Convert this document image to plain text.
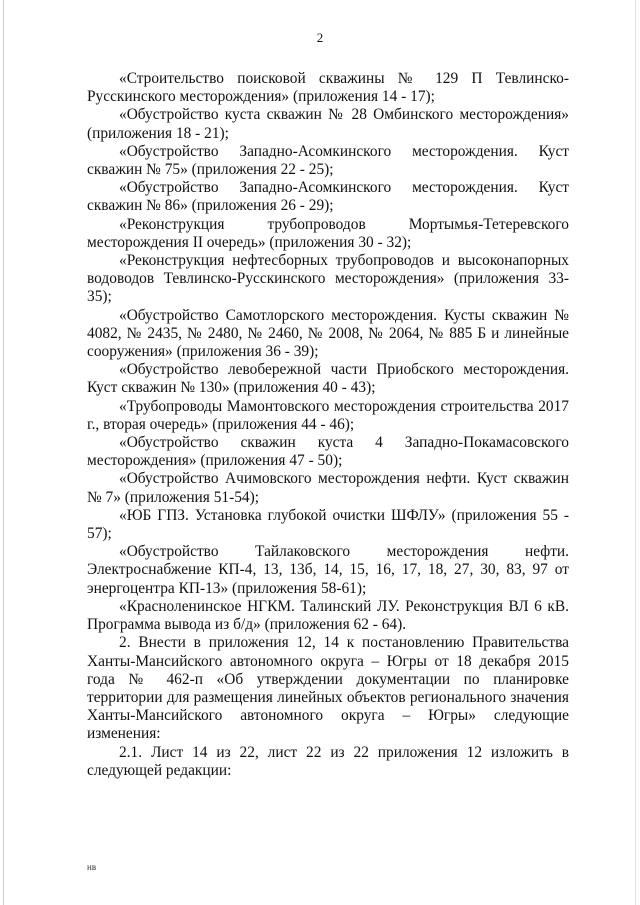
2

«Строительство поисковой скважины № 129 П Тевлинско-Русскинского месторождения» (приложения 14 - 17);

«Обустройство куста скважин № 28 Омбинского месторождения» (приложения 18 - 21);

«Обустройство Западно-Асомкинского месторождения. Куст скважин № 75» (приложения 22 - 25);

«Обустройство Западно-Асомкинского месторождения. Куст скважин № 86» (приложения 26 - 29);

«Реконструкция трубопроводов Мортымья-Тетеревского месторождения II очередь» (приложения 30 - 32);

«Реконструкция нефтесборных трубопроводов и высоконапорных водоводов Тевлинско-Русскинского месторождения» (приложения 33-35);

«Обустройство Самотлорского месторождения. Кусты скважин № 4082, № 2435, № 2480, № 2460, № 2008, № 2064, № 885 Б и линейные сооружения» (приложения 36 - 39);

«Обустройство левобережной части Приобского месторождения. Куст скважин № 130» (приложения 40 - 43);

«Трубопроводы Мамонтовского месторождения строительства 2017 г., вторая очередь» (приложения 44 - 46);

«Обустройство скважин куста 4 Западно-Покамасовского месторождения» (приложения 47 - 50);

«Обустройство Ачимовского месторождения нефти. Куст скважин № 7» (приложения 51-54);

«ЮБ ГПЗ. Установка глубокой очистки ШФЛУ» (приложения 55 - 57);

«Обустройство Тайлаковского месторождения нефти. Электроснабжение КП-4, 13, 13б, 14, 15, 16, 17, 18, 27, 30, 83, 97 от энергоцентра КП-13» (приложения 58-61);

«Красноленинское НГКМ. Талинский ЛУ. Реконструкция ВЛ 6 кВ. Программа вывода из б/д» (приложения 62 - 64).

2. Внести в приложения 12, 14 к постановлению Правительства Ханты-Мансийского автономного округа – Югры от 18 декабря 2015 года № 462-п «Об утверждении документации по планировке территории для размещения линейных объектов регионального значения Ханты-Мансийского автономного округа – Югры» следующие изменения:

2.1. Лист 14 из 22, лист 22 из 22 приложения 12 изложить в следующей редакции:

нв
